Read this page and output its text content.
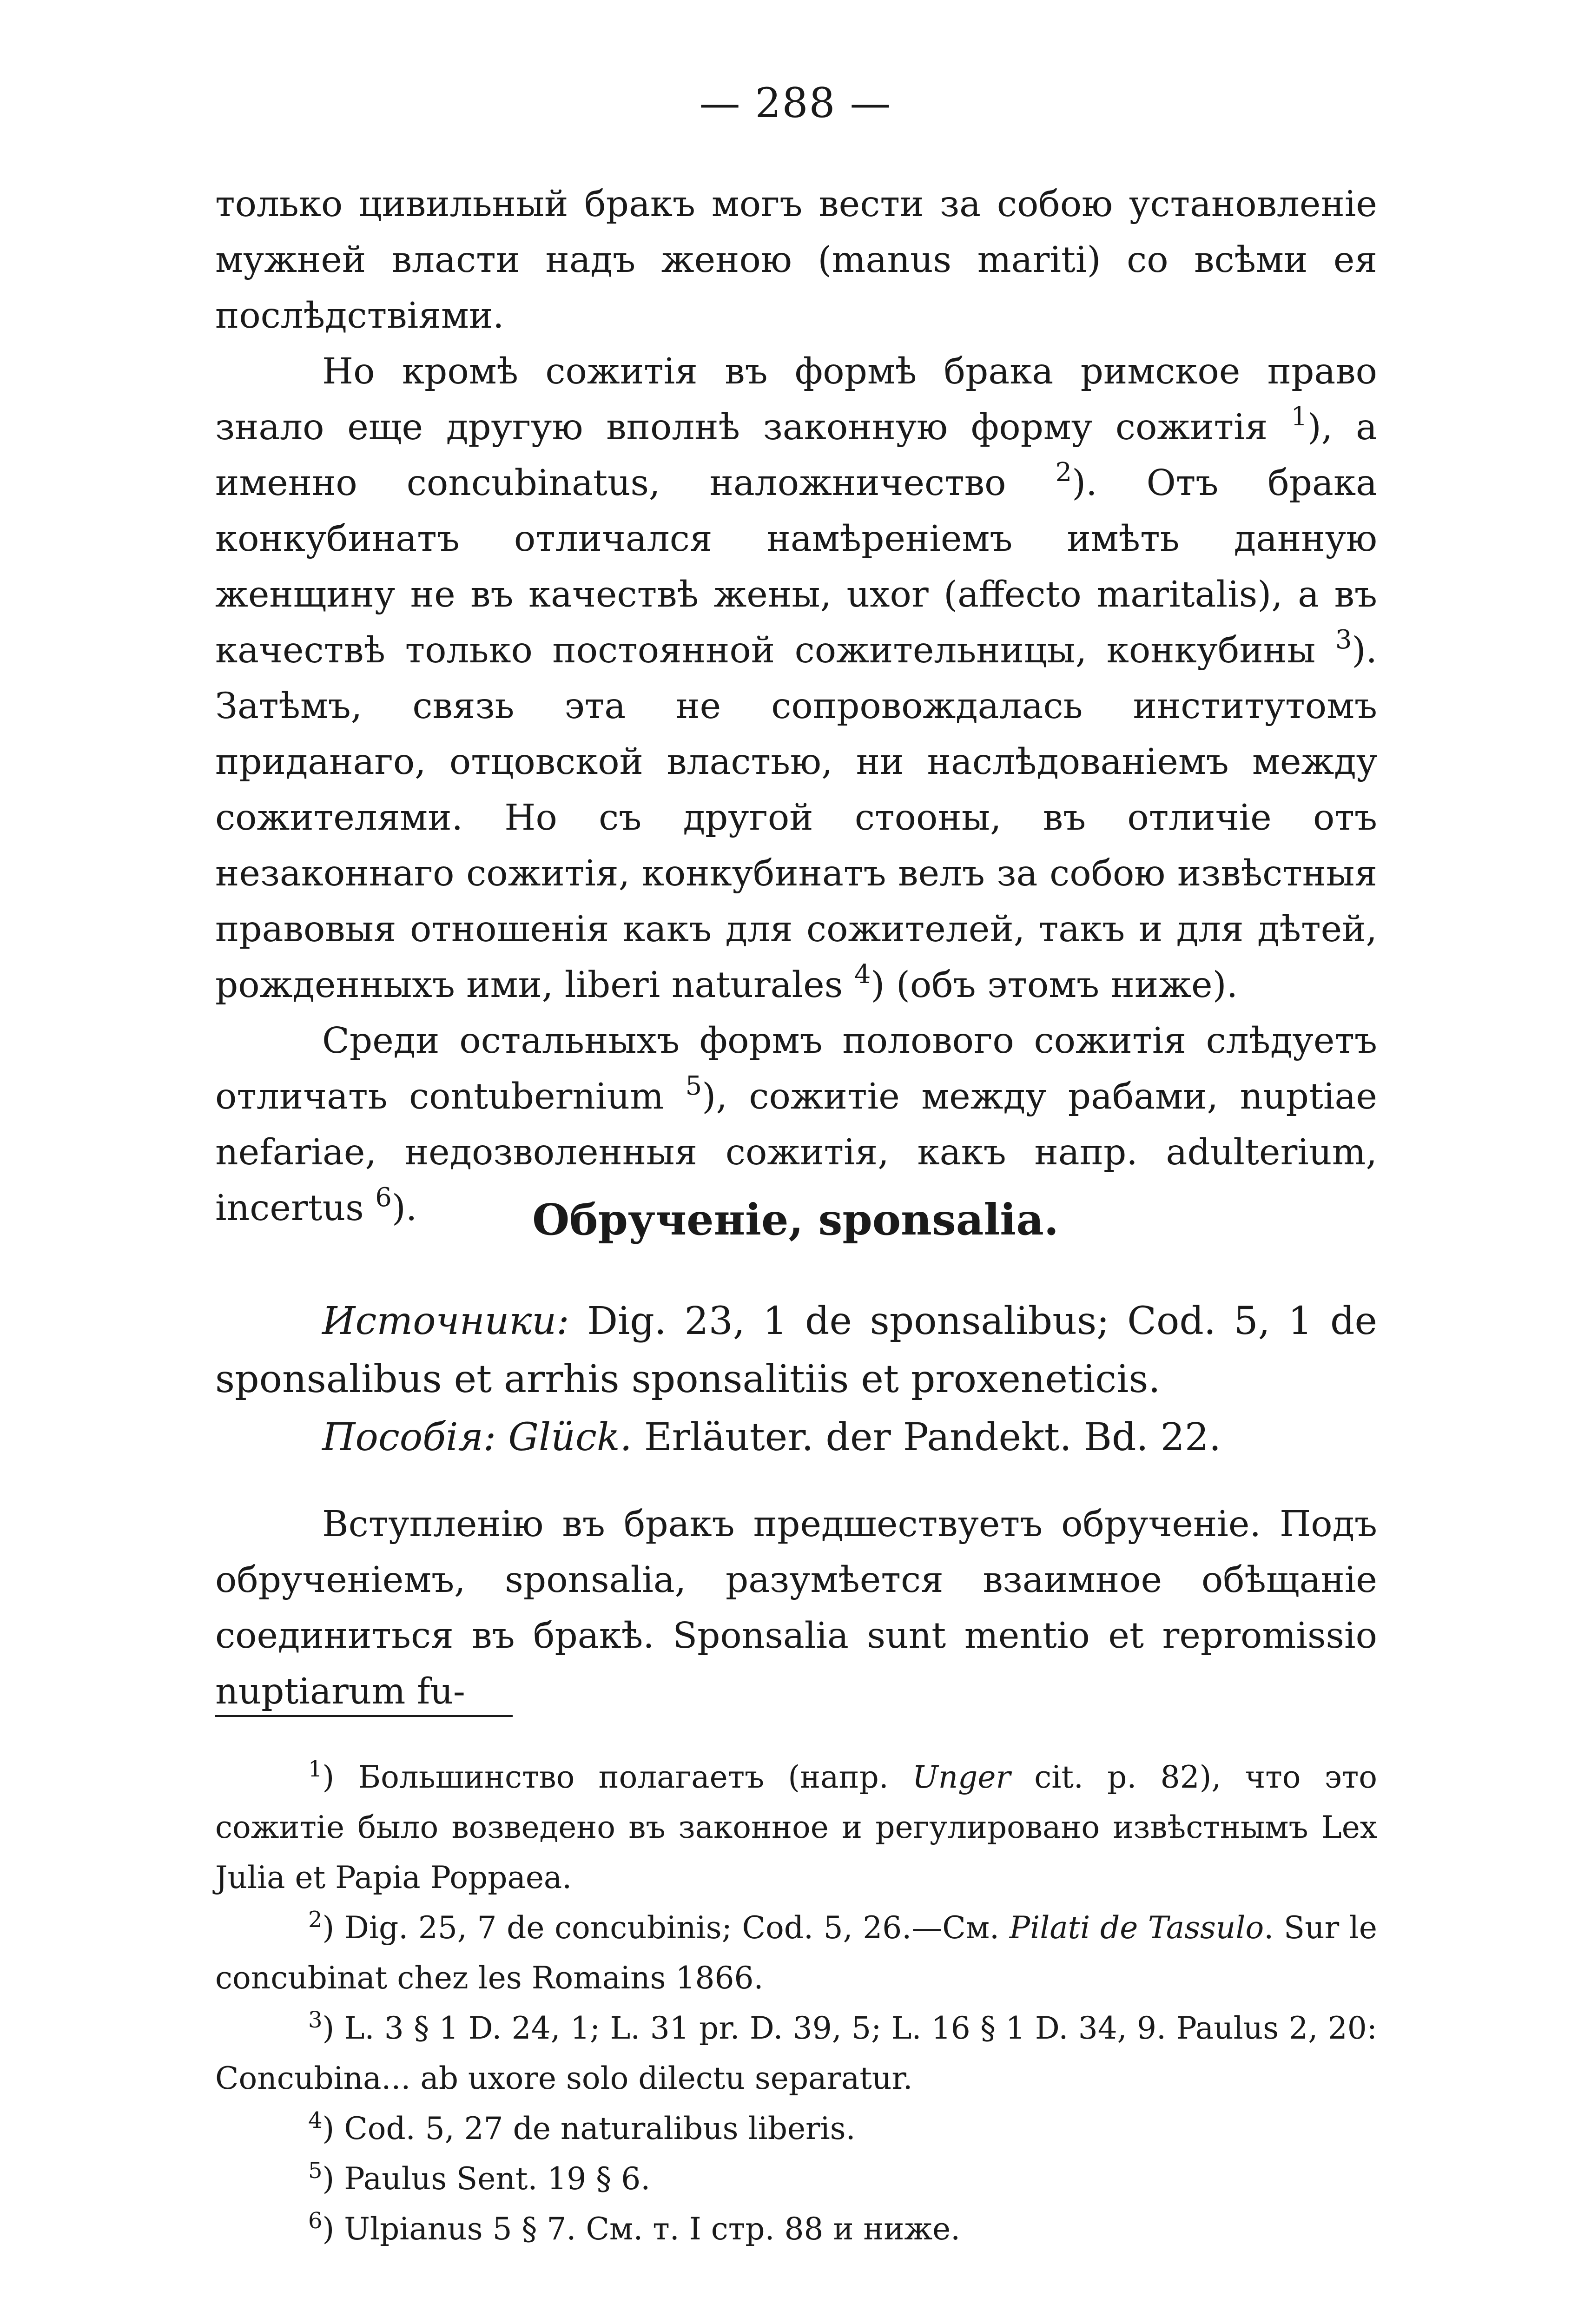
— 288 —

только цивильный бракъ могъ вести за собою установленіе мужней власти надъ женою (manus mariti) со всѣми ея послѣдствіями.

Но кромѣ сожитія въ формѣ брака римское право знало еще другую вполнѣ законную форму сожитія $^1$), а именно concubinatus, наложничество $^2$). Отъ брака конкубинатъ отличался намѣреніемъ имѣть данную женщину не въ качествѣ жены, uxor (affecto maritalis), а въ качествѣ только постоянной сожительницы, конкубины $^3$). Затѣмъ, связь эта не сопровождалась институтомъ приданаго, отцовской властью, ни наслѣдованіемъ между сожителями. Но съ другой стооны, въ отличіе отъ незаконнаго сожитія, конкубинатъ велъ за собою извѣстныя правовыя отношенія какъ для сожителей, такъ и для дѣтей, рожденныхъ ими, liberi naturales $^4$) (объ этомъ ниже).

Среди остальныхъ формъ полового сожитія слѣдуетъ отличать contubernium $^5$), сожитіе между рабами, nuptiae nefariae, недозволенныя сожитія, какъ напр. adulterium, incertus $^6$).	Обрученіе, sponsalia.

Источники: Dig. 23, 1 de sponsalibus; Cod. 5, 1 de sponsalibus et arrhis sponsalitiis et proxeneticis.

Пособія: Glück. Erläuter. der Pandekt. Bd. 22.

Вступленію въ бракъ предшествуетъ обрученіе. Подъ обрученіемъ, sponsalia, разумѣется взаимное обѣщаніе соединиться въ бракѣ. Sponsalia sunt mentio et repromissio nuptiarum fu-

$^1$) Большинство полагаетъ (напр. Unger cit. p. 82), что это сожитіе было возведено въ законное и регулировано извѣстнымъ Lex Julia et Papia Poppaea.

$^2$) Dig. 25, 7 de concubinis; Cod. 5, 26.—См. Pilati de Tassulo. Sur le concubinat chez les Romains 1866.

$^3$) L. 3 § 1 D. 24, 1; L. 31 pr. D. 39, 5; L. 16 § 1 D. 34, 9. Paulus 2, 20: Concubina... ab uxore solo dilectu separatur.

$^4$) Cod. 5, 27 de naturalibus liberis.

$^5$) Paulus Sent. 19 § 6.

$^6$) Ulpianus 5 § 7. См. т. I стр. 88 и ниже.
